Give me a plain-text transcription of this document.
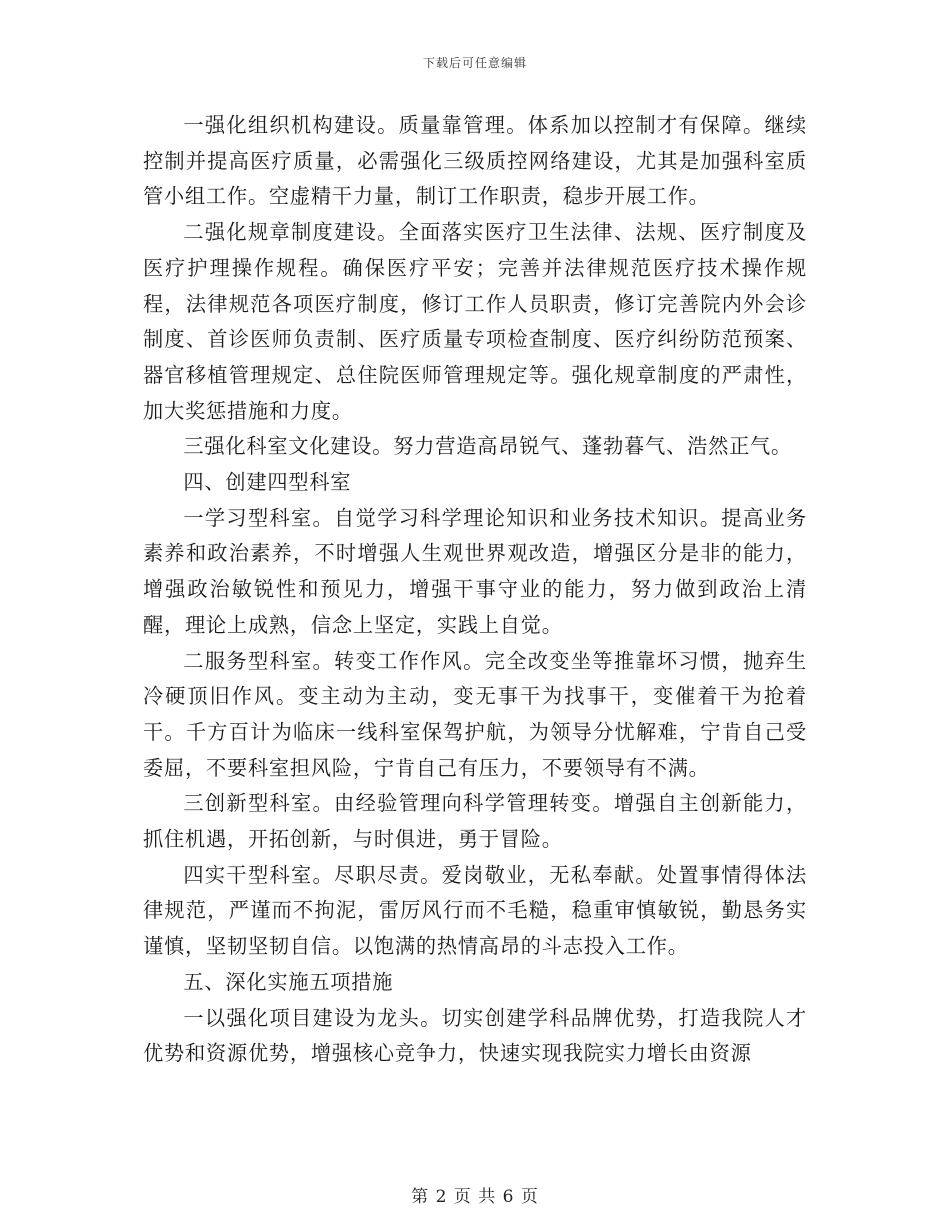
下载后可任意编辑

一强化组织机构建设。质量靠管理。体系加以控制才有保障。继续控制并提高医疗质量，必需强化三级质控网络建设，尤其是加强科室质管小组工作。空虚精干力量，制订工作职责，稳步开展工作。

二强化规章制度建设。全面落实医疗卫生法律、法规、医疗制度及医疗护理操作规程。确保医疗平安；完善并法律规范医疗技术操作规程，法律规范各项医疗制度，修订工作人员职责，修订完善院内外会诊制度、首诊医师负责制、医疗质量专项检查制度、医疗纠纷防范预案、器官移植管理规定、总住院医师管理规定等。强化规章制度的严肃性，加大奖惩措施和力度。

三强化科室文化建设。努力营造高昂锐气、蓬勃暮气、浩然正气。

四、创建四型科室

一学习型科室。自觉学习科学理论知识和业务技术知识。提高业务素养和政治素养，不时增强人生观世界观改造，增强区分是非的能力，增强政治敏锐性和预见力，增强干事守业的能力，努力做到政治上清醒，理论上成熟，信念上坚定，实践上自觉。

二服务型科室。转变工作作风。完全改变坐等推靠坏习惯，抛弃生冷硬顶旧作风。变主动为主动，变无事干为找事干，变催着干为抢着干。千方百计为临床一线科室保驾护航，为领导分忧解难，宁肯自己受委屈，不要科室担风险，宁肯自己有压力，不要领导有不满。

三创新型科室。由经验管理向科学管理转变。增强自主创新能力，抓住机遇，开拓创新，与时俱进，勇于冒险。

四实干型科室。尽职尽责。爱岗敬业，无私奉献。处置事情得体法律规范，严谨而不拘泥，雷厉风行而不毛糙，稳重审慎敏锐，勤恳务实谨慎，坚韧坚韧自信。以饱满的热情高昂的斗志投入工作。

五、深化实施五项措施

一以强化项目建设为龙头。切实创建学科品牌优势，打造我院人才优势和资源优势，增强核心竞争力，快速实现我院实力增长由资源

第 2 页 共 6 页
